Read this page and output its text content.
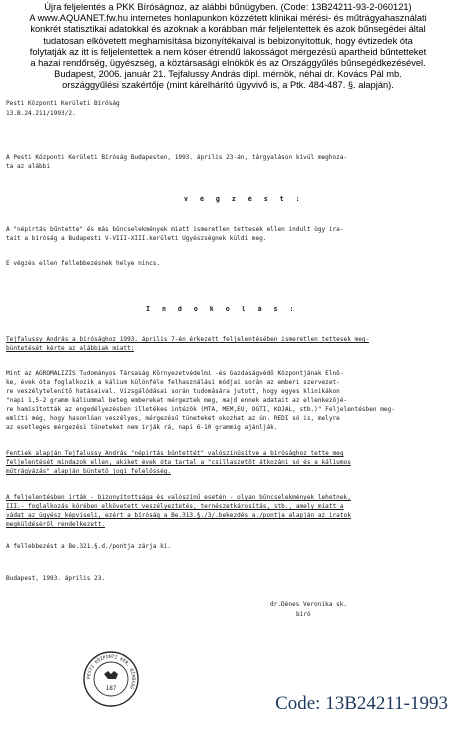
Újra feljelentés a PKK Bíróságnoz, az alábbi bűnügyben. (Code: 13B24211-93-2-060121)
A www.AQUANET.fw.hu internetes honlapunkon közzétett klinikai mérési- és műtrágyahasználati
konkrét statisztikai adatokkal és azoknak a korábban már feljelentettek és azok bűnsegédei által
tudatosan elkövetett meghamisítása bizonyítékaival is bebizonyítottuk, hogy évtizedek óta
folytatják az itt is feljelentettek a nem kóser étrendű lakosságot mérgezésü apartheid bűntetteket
a hazai rendőrség, ügyészség, a köztársasági elnökök és az Országgyűlés bűnsegédkezésével.
Budapest, 2006. január 21. Tejfalussy András dipl. mérnök, néhai dr. Kovács Pál mb.
országgyűlési szakértője (mint kárelhárító ügyvivő is, a Ptk. 484-487. §. alapján).
Pesti Központi Kerületi Bíróság
13.B.24.211/1993/2.
A Pesti Központi Kerületi Bíróság Budapesten, 1993. április 23-án, tárgyaláson kívül meghoza-
ta az alábbi
v é g z é s t :
A "népirtás bűntette" és más bűncselekmények miatt ismeretlen tettesek ellen indult ügy ira-
tait a bíróság a Budapesti V-VIII-XIII.kerületi Ügyészségnek küldi meg.
E végzés ellen fellebbezésnek helye nincs.
I n d o k o l á s :
Tejfalussy András a bírósághoz 1993. április 7-én érkezett feljelentésében ismeretlen tettesek meg-
büntetését kérte az alábbiak miatt:
Mint az AGROMALIZIS Tudományos Társaság Környezetvédelmi -és Gazdaságvédő Központjának Elnö-
ke, évek óta foglalkozik a kálium különféle felhasználási módjai során az emberi szervezet-
re veszélytelenítő hatásaival. Vizsgálódásai során tudomására jutott, hogy egyes klinikákon
"napi 1,5-2 gramm káliummal beteg emberekat mérgeztek meg, majd ennek adatait az ellenkezőjé-
re hamisították az engedélyezésben illetékes intézők (MTA, MÉM,EÜ, ÖGTI, KÖJÁL, stb.)" Feljelentésben meg-
említi még, hogy hasonlóan veszélyes, mérgezésű tüneteket okozhat az ún. REDI só is, melyre
az esetleges mérgezési tüneteket nem írják rá, napi 6-10 grammig ajánlják.
Fentiek alapján Tejfalussy András "népirtás bűntettét" valószínűsítve a bírósághoz tette meg
feljelentését mindazok ellen, akiket évek óta tartal a "csillaszetőt átkozáni só és a káliumos
műtrágyázás" alapján büntető jogi felelősség.
A feljelentésben írták - bizonyítottsága és valószínű esetén - olyan bűncselekmények lehetnek,
III.- foglalkozás körében elkövetett veszélyeztetés, ternészetkárosítás, stb., amely miatt a
vádat az ügyész képviseli, ezért a bíróság a Be.313.§./3/.bekezdés a./pontja alapján az iratok
megküldéséről rendelkezett.
A fellebbezést a Be.321.§.d./pontja zárja ki.
Budapest, 1993. április 23.
dr.Dénes Veronika sk.
bíró
PESTI KÖZPONTI KER. BÍRÓSÁG
187
Code: 13B24211-1993
